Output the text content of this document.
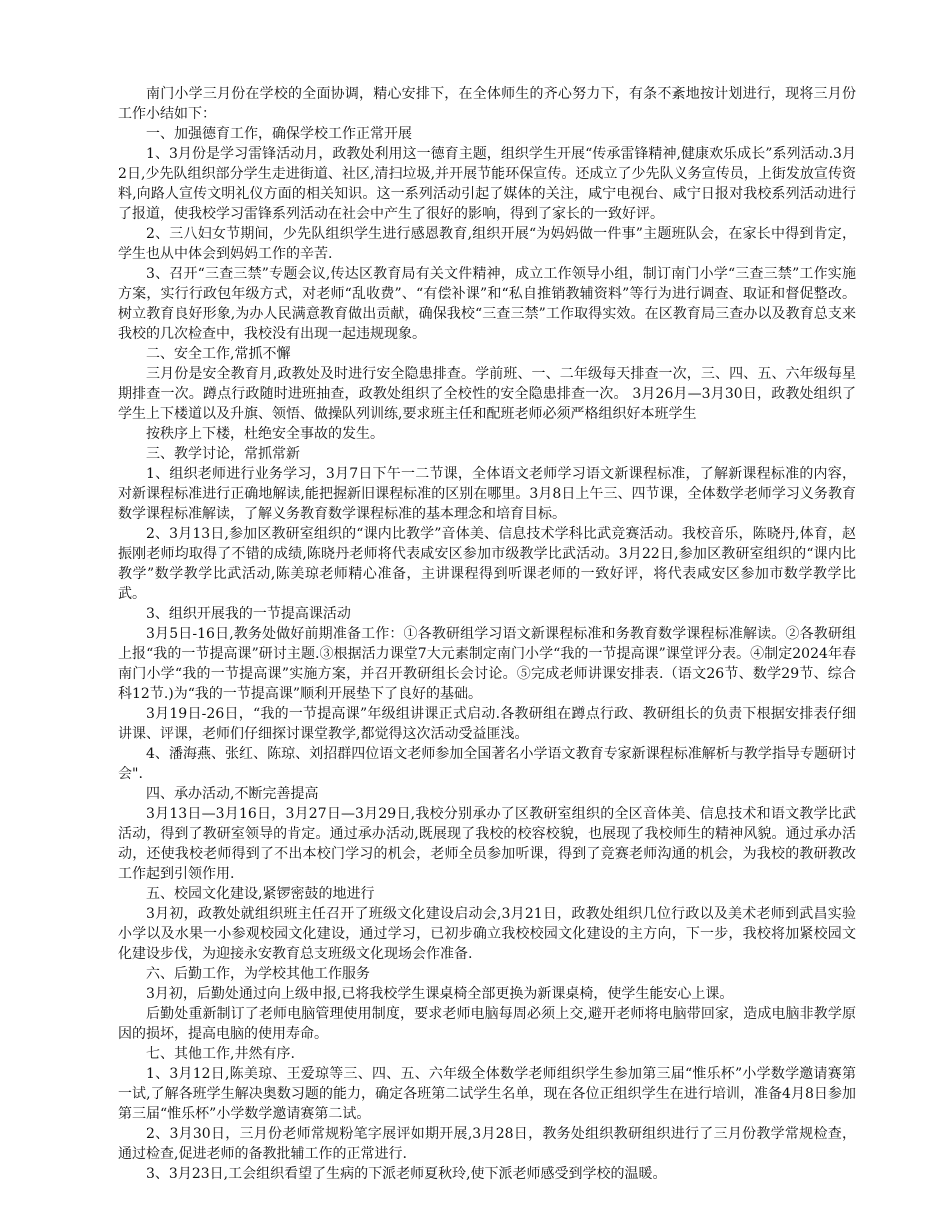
南门小学三月份在学校的全面协调，精心安排下，在全体师生的齐心努力下，有条不紊地按计划进行，现将三月份工作小结如下：

一、加强德育工作，确保学校工作正常开展

1、3月份是学习雷锋活动月，政教处利用这一德育主题，组织学生开展“传承雷锋精神,健康欢乐成长”系列活动.3月2日,少先队组织部分学生走进街道、社区,清扫垃圾,并开展节能环保宣传。还成立了少先队义务宣传员，上街发放宣传资料,向路人宣传文明礼仪方面的相关知识。这一系列活动引起了媒体的关注，咸宁电视台、咸宁日报对我校系列活动进行了报道，使我校学习雷锋系列活动在社会中产生了很好的影响，得到了家长的一致好评。

2、三八妇女节期间，少先队组织学生进行感恩教育,组织开展“为妈妈做一件事”主题班队会，在家长中得到肯定，学生也从中体会到妈妈工作的辛苦.

3、召开“三查三禁”专题会议,传达区教育局有关文件精神，成立工作领导小组，制订南门小学“三查三禁”工作实施方案，实行行政包年级方式，对老师“乱收费”、“有偿补课”和“私自推销教辅资料”等行为进行调查、取证和督促整改。树立教育良好形象,为办人民满意教育做出贡献，确保我校“三查三禁”工作取得实效。在区教育局三查办以及教育总支来我校的几次检查中，我校没有出现一起违规现象。

二、安全工作,常抓不懈

三月份是安全教育月,政教处及时进行安全隐患排查。学前班、一、二年级每天排查一次，三、四、五、六年级每星期排查一次。蹲点行政随时进班抽查，政教处组织了全校性的安全隐患排查一次。 3月26月—3月30日，政教处组织了学生上下楼道以及升旗、领悟、做操队列训练,要求班主任和配班老师必须严格组织好本班学生

按秩序上下楼，杜绝安全事故的发生。

三、教学讨论，常抓常新

1、组织老师进行业务学习，3月7日下午一二节课，全体语文老师学习语文新课程标准，了解新课程标准的内容，对新课程标准进行正确地解读,能把握新旧课程标准的区别在哪里。3月8日上午三、四节课，全体数学老师学习义务教育数学课程标准解读，了解义务教育数学课程标准的基本理念和培育目标。

2、3月13日,参加区教研室组织的“课内比教学”音体美、信息技术学科比武竞赛活动。我校音乐，陈晓丹,体育，赵振刚老师均取得了不错的成绩,陈晓丹老师将代表咸安区参加市级教学比武活动。3月22日,参加区教研室组织的“课内比教学”数学教学比武活动,陈美琼老师精心准备，主讲课程得到听课老师的一致好评，将代表咸安区参加市数学教学比武。

3、组织开展我的一节提高课活动

3月5日-16日,教务处做好前期准备工作：①各教研组学习语文新课程标准和务教育数学课程标准解读。②各教研组上报“我的一节提高课”研讨主题.③根据活力课堂7大元素制定南门小学“我的一节提高课”课堂评分表。④制定2024年春南门小学“我的一节提高课”实施方案，并召开教研组长会讨论。⑤完成老师讲课安排表.（语文26节、数学29节、综合科12节.)为“我的一节提高课”顺利开展垫下了良好的基础。

3月19日-26日，“我的一节提高课”年级组讲课正式启动.各教研组在蹲点行政、教研组长的负责下根据安排表仔细讲课、评课，老师们仔细探讨课堂教学,都觉得这次活动受益匪浅。

4、潘海燕、张红、陈琼、刘招群四位语文老师参加全国著名小学语文教育专家新课程标准解析与教学指导专题研讨会".

四、承办活动,不断完善提高

3月13日—3月16日，3月27日—3月29日,我校分别承办了区教研室组织的全区音体美、信息技术和语文教学比武活动，得到了教研室领导的肯定。通过承办活动,既展现了我校的校容校貌，也展现了我校师生的精神风貌。通过承办活动，还使我校老师得到了不出本校门学习的机会，老师全员参加听课，得到了竞赛老师沟通的机会，为我校的教研教改工作起到引领作用.

五、校园文化建设,紧锣密鼓的地进行

3月初，政教处就组织班主任召开了班级文化建设启动会,3月21日，政教处组织几位行政以及美术老师到武昌实验小学以及水果一小参观校园文化建设，通过学习，已初步确立我校校园文化建设的主方向，下一步，我校将加紧校园文化建设步伐，为迎接永安教育总支班级文化现场会作准备.

六、后勤工作，为学校其他工作服务

3月初，后勤处通过向上级申报,已将我校学生课桌椅全部更换为新课桌椅，使学生能安心上课。

后勤处重新制订了老师电脑管理使用制度，要求老师电脑每周必须上交,避开老师将电脑带回家，造成电脑非教学原因的损坏，提高电脑的使用寿命。

七、其他工作,井然有序.

1、3月12日,陈美琼、王爱琼等三、四、五、六年级全体数学老师组织学生参加第三届“惟乐杯”小学数学邀请赛第一试,了解各班学生解决奥数习题的能力，确定各班第二试学生名单，现在各位正组织学生在进行培训，准备4月8日参加第三届“惟乐杯”小学数学邀请赛第二试。

2、3月30日，三月份老师常规粉笔字展评如期开展,3月28日，教务处组织教研组织进行了三月份教学常规检查，通过检查,促进老师的备教批辅工作的正常进行.

3、3月23日,工会组织看望了生病的下派老师夏秋玲,使下派老师感受到学校的温暖。
